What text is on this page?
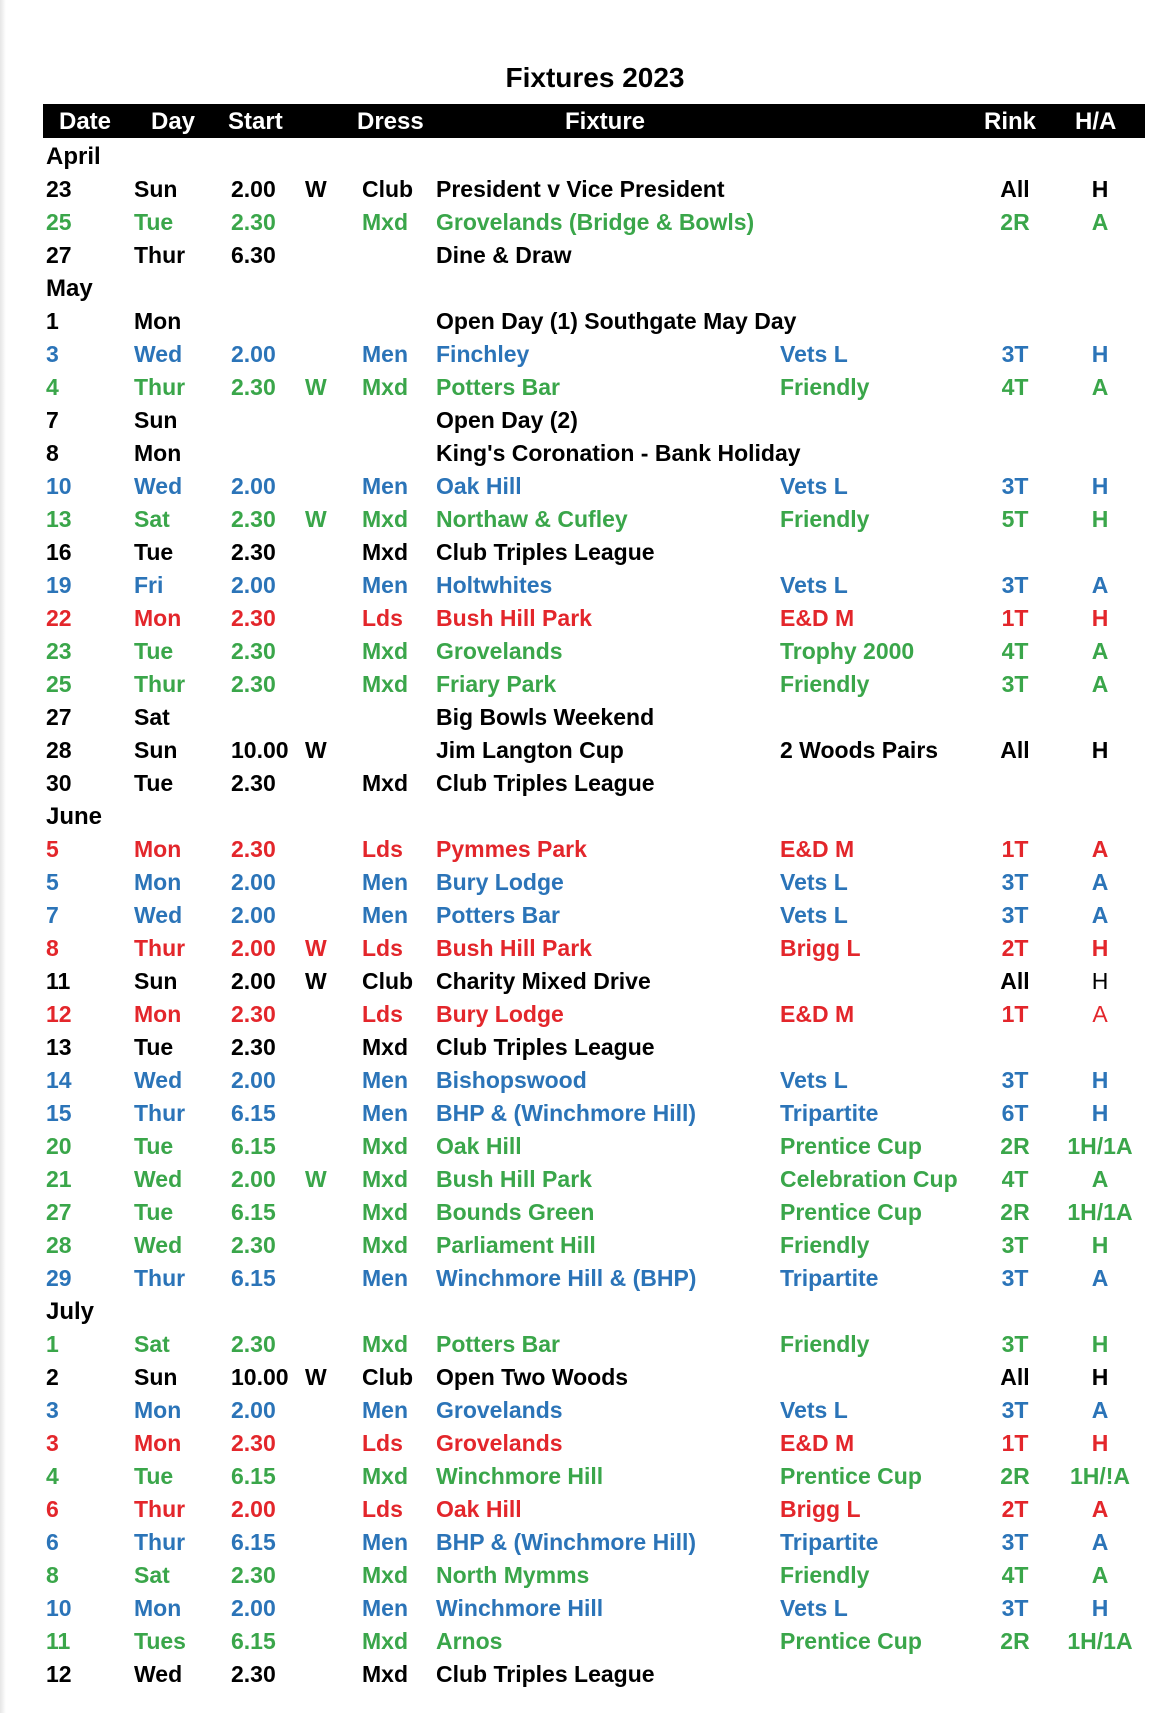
Fixtures 2023
Date Day Start	Dress	Fixture	Rink H/A
April
23	Sun 2.00 W Club President v Vice President	All	H
25	Tue	2.30	Mxd Grovelands (Bridge & Bowls)	2R	A
27	Thur 6.30	Dine & Draw
May
1	Mon	Open Day (1) Southgate May Day
3	Wed 2.00	Men Finchley	Vets L	3T	H
4	Thur 2.30 W Mxd Potters Bar	Friendly	4T	A
7	Sun	Open Day (2)
8	Mon	King's Coronation - Bank Holiday
10	Wed 2.00	Men Oak Hill	Vets L	3T	H
13	Sat	2.30 W Mxd Northaw & Cufley	Friendly	5T	H
16	Tue	2.30	Mxd Club Triples League
19	Fri	2.00	Men Holtwhites	Vets L	3T	A
22	Mon 2.30	Lds Bush Hill Park	E&D M	1T	H
23	Tue	2.30	Mxd Grovelands	Trophy 2000	4T	A
25	Thur 2.30	Mxd Friary Park	Friendly	3T	A
27	Sat	Big Bowls Weekend
28	Sun 10.00 W	Jim Langton Cup	2 Woods Pairs	All	H
30	Tue	2.30	Mxd Club Triples League
June
5	Mon 2.30	Lds Pymmes Park	E&D M	1T	A
5	Mon 2.00	Men Bury Lodge	Vets L	3T	A
7	Wed 2.00	Men Potters Bar	Vets L	3T	A
8	Thur 2.00 W Lds Bush Hill Park	Brigg L	2T	H
11	Sun 2.00 W Club Charity Mixed Drive	All	H
12	Mon 2.30	Lds Bury Lodge	E&D M	1T	A
13	Tue	2.30	Mxd Club Triples League
14	Wed 2.00	Men Bishopswood	Vets L	3T	H
15	Thur 6.15	Men BHP & (Winchmore Hill)	Tripartite	6T	H
20	Tue	6.15	Mxd Oak Hill	Prentice Cup	2R 1H/1A
21	Wed 2.00 W Mxd Bush Hill Park	Celebration Cup 4T	A
27	Tue	6.15	Mxd Bounds Green	Prentice Cup	2R 1H/1A
28	Wed 2.30	Mxd Parliament Hill	Friendly	3T	H
29	Thur 6.15	Men Winchmore Hill & (BHP)	Tripartite	3T	A
July
1	Sat	2.30	Mxd Potters Bar	Friendly	3T	H
2	Sun 10.00 W Club Open Two Woods	All	H
3	Mon 2.00	Men Grovelands	Vets L	3T	A
3	Mon 2.30	Lds Grovelands	E&D M	1T	H
4	Tue	6.15	Mxd Winchmore Hill	Prentice Cup	2R 1H/!A
6	Thur 2.00	Lds Oak Hill	Brigg L	2T	A
6	Thur 6.15	Men BHP & (Winchmore Hill)	Tripartite	3T	A
8	Sat	2.30	Mxd North Mymms	Friendly	4T	A
10	Mon 2.00	Men Winchmore Hill	Vets L	3T	H
11	Tues 6.15	Mxd Arnos	Prentice Cup	2R 1H/1A
12	Wed 2.30	Mxd Club Triples League
